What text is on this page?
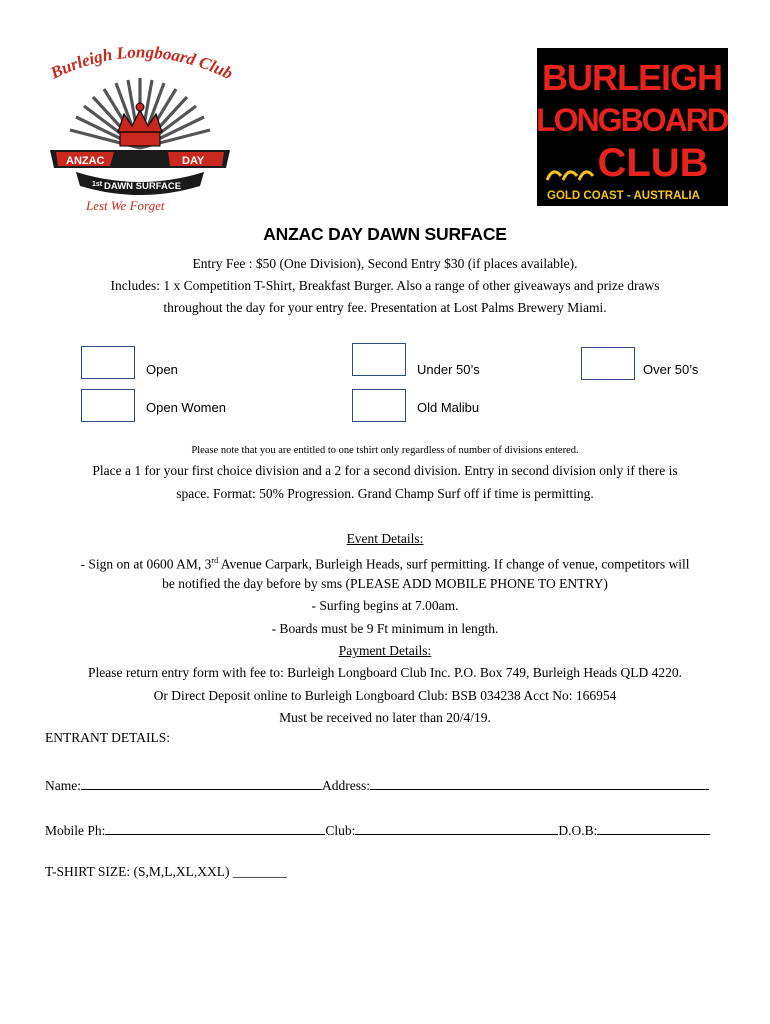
Burleigh Longboard Club
ANZAC	DAY
1st DAWN SURFACE
Lest We Forget
BURLEIGH
LONGBOARD
CLUB
GOLD COAST - AUSTRALIA
ANZAC DAY DAWN SURFACE
Entry Fee : $50 (One Division), Second Entry $30 (if places available).
Includes: 1 x Competition T-Shirt, Breakfast Burger. Also a range of other giveaways and prize draws
throughout the day for your entry fee. Presentation at Lost Palms Brewery Miami.
Open	Under 50’s	Over 50’s
Open Women	Old Malibu
Please note that you are entitled to one tshirt only regardless of number of divisions entered.
Place a 1 for your first choice division and a 2 for a second division. Entry in second division only if there is
space. Format: 50% Progression. Grand Champ Surf off if time is permitting.
Event Details:
- Sign on at 0600 AM, 3rd Avenue Carpark, Burleigh Heads, surf permitting. If change of venue, competitors will
be notified the day before by sms (PLEASE ADD MOBILE PHONE TO ENTRY)
- Surfing begins at 7.00am.
- Boards must be 9 Ft minimum in length.
Payment Details:
Please return entry form with fee to: Burleigh Longboard Club Inc. P.O. Box 749, Burleigh Heads QLD 4220.
Or Direct Deposit online to Burleigh Longboard Club: BSB 034238 Acct No: 166954
Must be received no later than 20/4/19.
ENTRANT DETAILS:
Name:	Address:
Mobile Ph:	Club:	D.O.B:
T-SHIRT SIZE: (S,M,L,XL,XXL) ________
